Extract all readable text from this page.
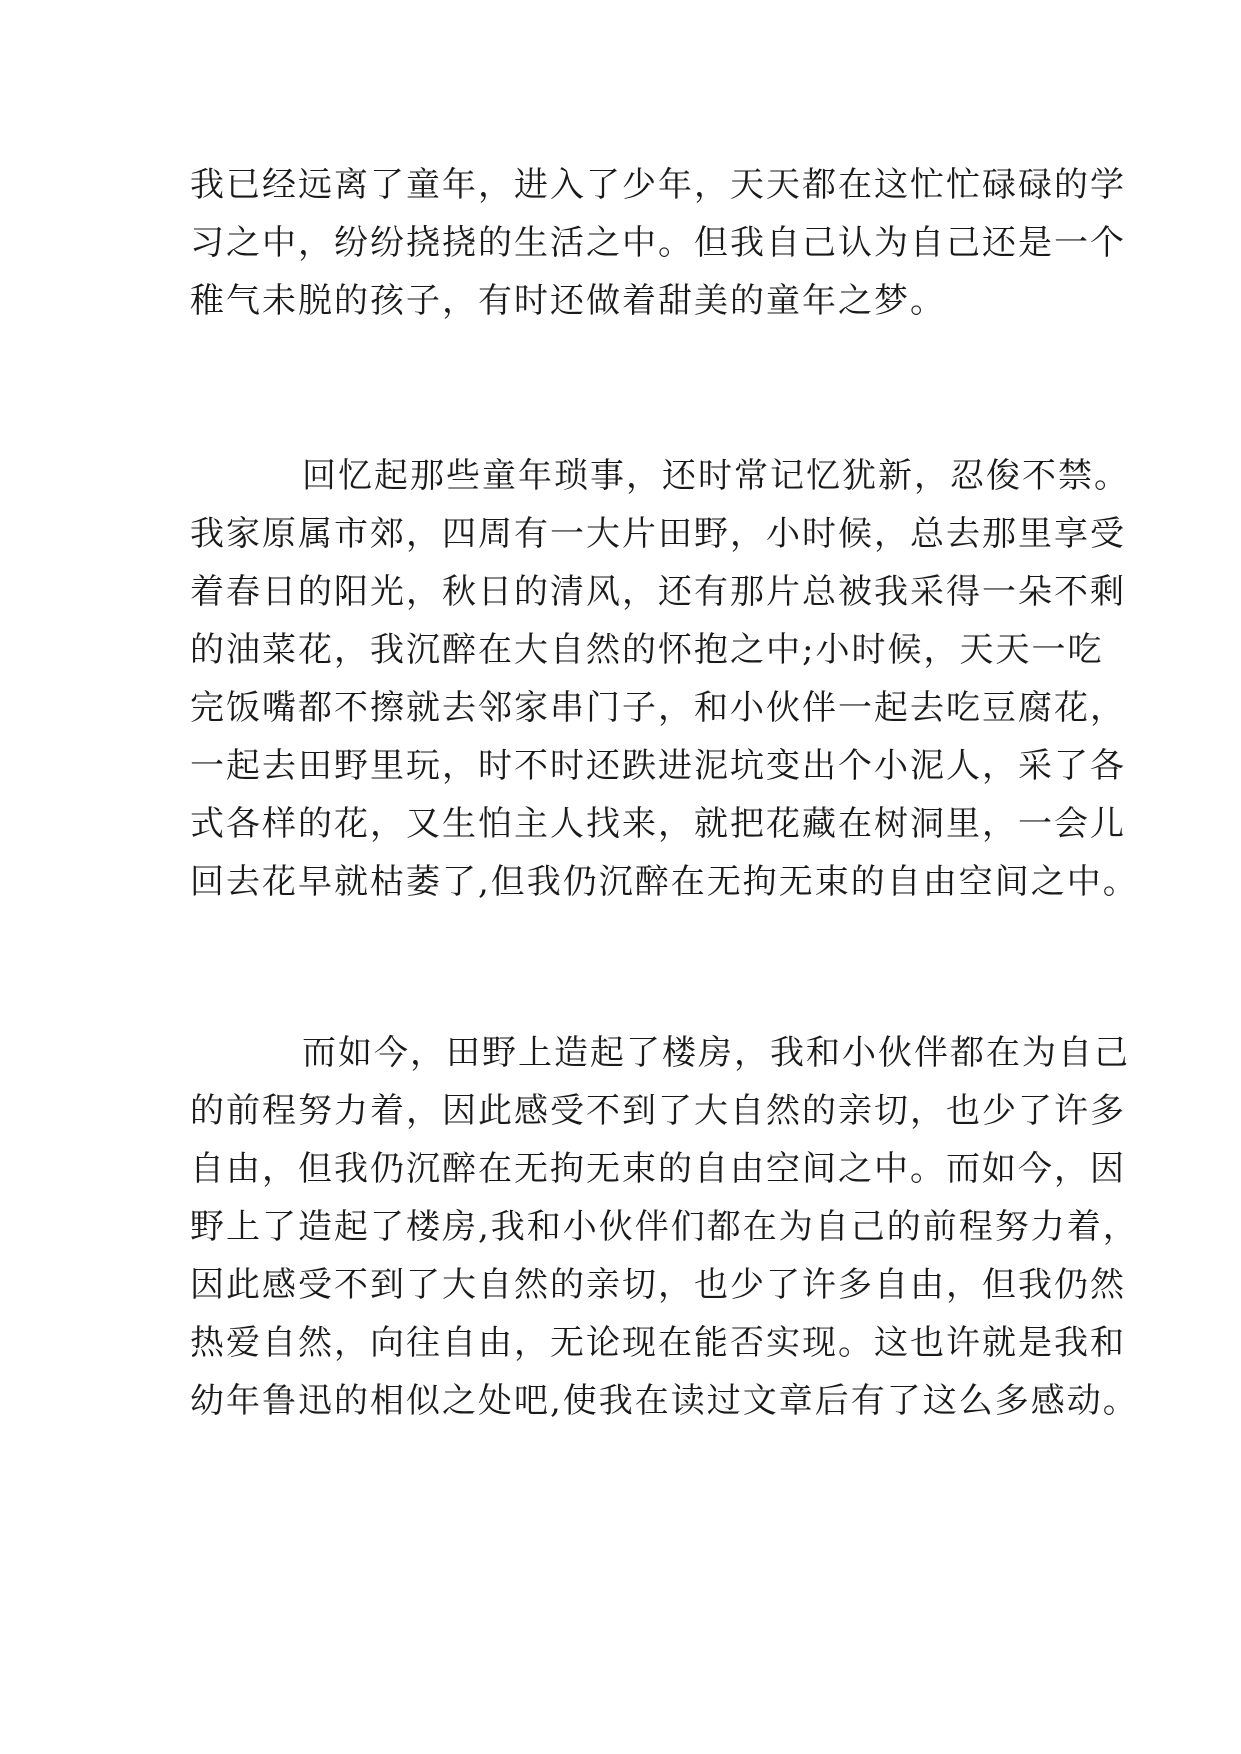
我已经远离了童年，进入了少年，天天都在这忙忙碌碌的学
习之中，纷纷挠挠的生活之中。但我自己认为自己还是一个
稚气未脱的孩子，有时还做着甜美的童年之梦。
回忆起那些童年琐事，还时常记忆犹新，忍俊不禁。
我家原属市郊，四周有一大片田野，小时候，总去那里享受
着春日的阳光，秋日的清风，还有那片总被我采得一朵不剩
的油菜花，我沉醉在大自然的怀抱之中;小时候，天天一吃
完饭嘴都不擦就去邻家串门子，和小伙伴一起去吃豆腐花，
一起去田野里玩，时不时还跌进泥坑变出个小泥人，采了各
式各样的花，又生怕主人找来，就把花藏在树洞里，一会儿
回去花早就枯萎了,但我仍沉醉在无拘无束的自由空间之中。
而如今，田野上造起了楼房，我和小伙伴都在为自己
的前程努力着，因此感受不到了大自然的亲切，也少了许多
自由，但我仍沉醉在无拘无束的自由空间之中。而如今，因
野上了造起了楼房,我和小伙伴们都在为自己的前程努力着，
因此感受不到了大自然的亲切，也少了许多自由，但我仍然
热爱自然，向往自由，无论现在能否实现。这也许就是我和
幼年鲁迅的相似之处吧,使我在读过文章后有了这么多感动。
